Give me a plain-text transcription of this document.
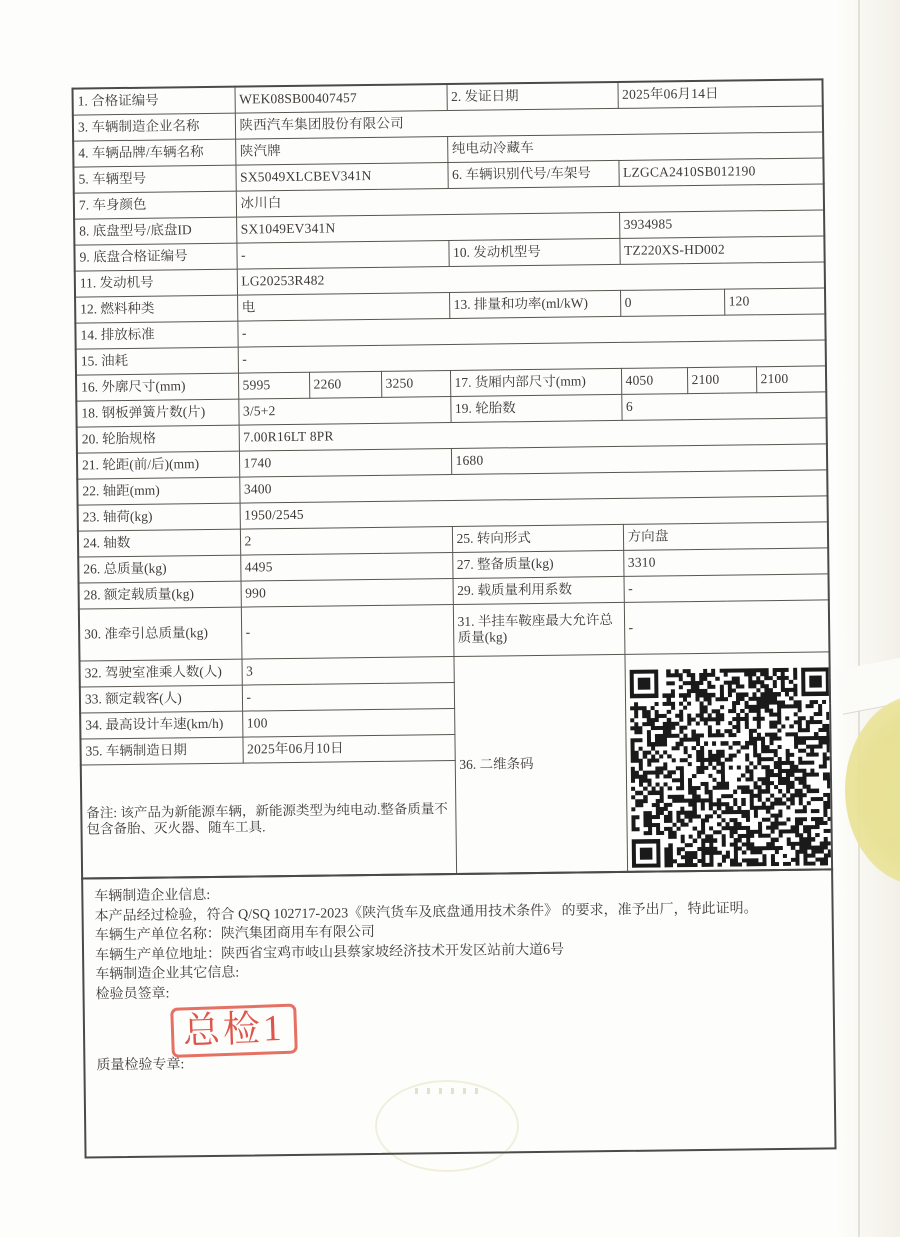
1. 合格证编号	WEK08SB00407457			2. 发证日期	2025年06月14日			
3. 车辆制造企业名称	陕西汽车集团股份有限公司							
4. 车辆品牌/车辆名称	陕汽牌			纯电动冷藏车				
5. 车辆型号	SX5049XLCBEV341N			6. 车辆识别代号/车架号	LZGCA2410SB012190			
7. 车身颜色	冰川白							
8. 底盘型号/底盘ID	SX1049EV341N				3934985			
9. 底盘合格证编号	-			10. 发动机型号	TZ220XS-HD002			
11. 发动机号	LG20253R482							
12. 燃料种类	电			13. 排量和功率(ml/kW)	0		120	
14. 排放标准	-							
15. 油耗	-							
16. 外廓尺寸(mm)	5995	2260	3250	17. 货厢内部尺寸(mm)	4050	2100		2100
18. 钢板弹簧片数(片)	3/5+2			19. 轮胎数	6			
20. 轮胎规格	7.00R16LT 8PR							
21. 轮距(前/后)(mm)	1740			1680				
22. 轴距(mm)	3400							
23. 轴荷(kg)	1950/2545							
24. 轴数	2			25. 转向形式	方向盘			
26. 总质量(kg)	4495			27. 整备质量(kg)	3310			
28. 额定载质量(kg)	990			29. 载质量利用系数	-			
30. 准牵引总质量(kg)	-			31. 半挂车鞍座最大允许总质量(kg)	-			
32. 驾驶室准乘人数(人)	3			36. 二维条码	

33. 额定载客(人)	-							
34. 最高设计车速(km/h)	100							
35. 车辆制造日期	2025年06月10日							
备注: 该产品为新能源车辆，新能源类型为纯电动.整备质量不包含备胎、灭火器、随车工具.								
车辆制造企业信息:
本产品经过检验，符合 Q/SQ 102717-2023《陕汽货车及底盘通用技术条件》 的要求，准予出厂，特此证明。
车辆生产单位名称：陕汽集团商用车有限公司
车辆生产单位地址：陕西省宝鸡市岐山县蔡家坡经济技术开发区站前大道6号
车辆制造企业其它信息:
检验员签章:
总检1
质量检验专章:
